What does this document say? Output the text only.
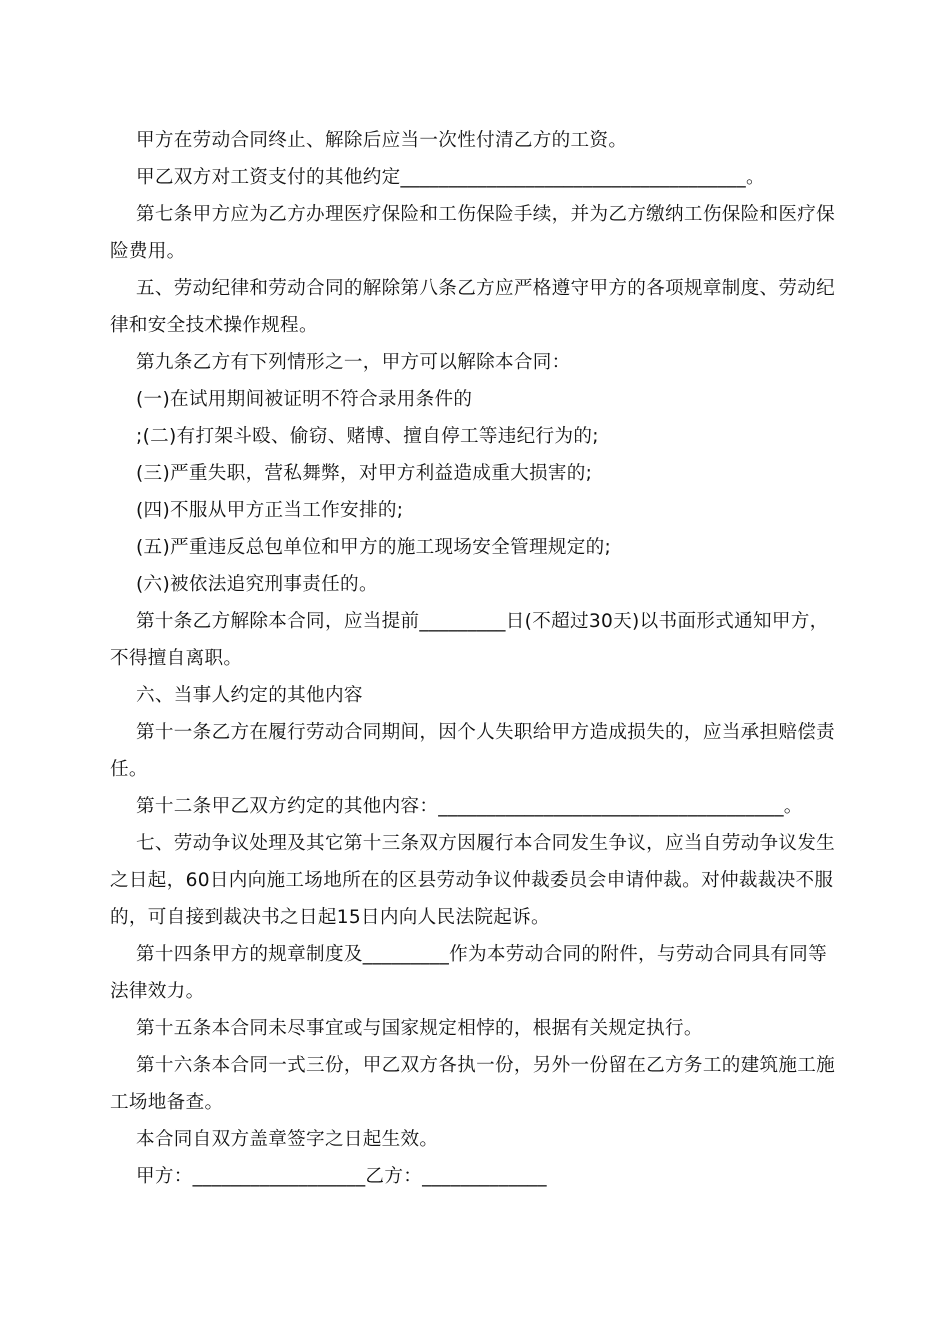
甲方在劳动合同终止、解除后应当一次性付清乙方的工资。

甲乙双方对工资支付的其他约定____________________________________。

第七条甲方应为乙方办理医疗保险和工伤保险手续，并为乙方缴纳工伤保险和医疗保险费用。

五、劳动纪律和劳动合同的解除第八条乙方应严格遵守甲方的各项规章制度、劳动纪律和安全技术操作规程。

第九条乙方有下列情形之一，甲方可以解除本合同：

(一)在试用期间被证明不符合录用条件的

;(二)有打架斗殴、偷窃、赌博、擅自停工等违纪行为的;

(三)严重失职，营私舞弊，对甲方利益造成重大损害的;

(四)不服从甲方正当工作安排的;

(五)严重违反总包单位和甲方的施工现场安全管理规定的;

(六)被依法追究刑事责任的。

第十条乙方解除本合同，应当提前_________日(不超过30天)以书面形式通知甲方，不得擅自离职。

六、当事人约定的其他内容

第十一条乙方在履行劳动合同期间，因个人失职给甲方造成损失的，应当承担赔偿责任。

第十二条甲乙双方约定的其他内容：____________________________________。

七、劳动争议处理及其它第十三条双方因履行本合同发生争议，应当自劳动争议发生之日起，60日内向施工场地所在的区县劳动争议仲裁委员会申请仲裁。对仲裁裁决不服的，可自接到裁决书之日起15日内向人民法院起诉。

第十四条甲方的规章制度及_________作为本劳动合同的附件，与劳动合同具有同等法律效力。

第十五条本合同未尽事宜或与国家规定相悖的，根据有关规定执行。

第十六条本合同一式三份，甲乙双方各执一份，另外一份留在乙方务工的建筑施工施工场地备查。

本合同自双方盖章签字之日起生效。

甲方：__________________乙方：_____________
